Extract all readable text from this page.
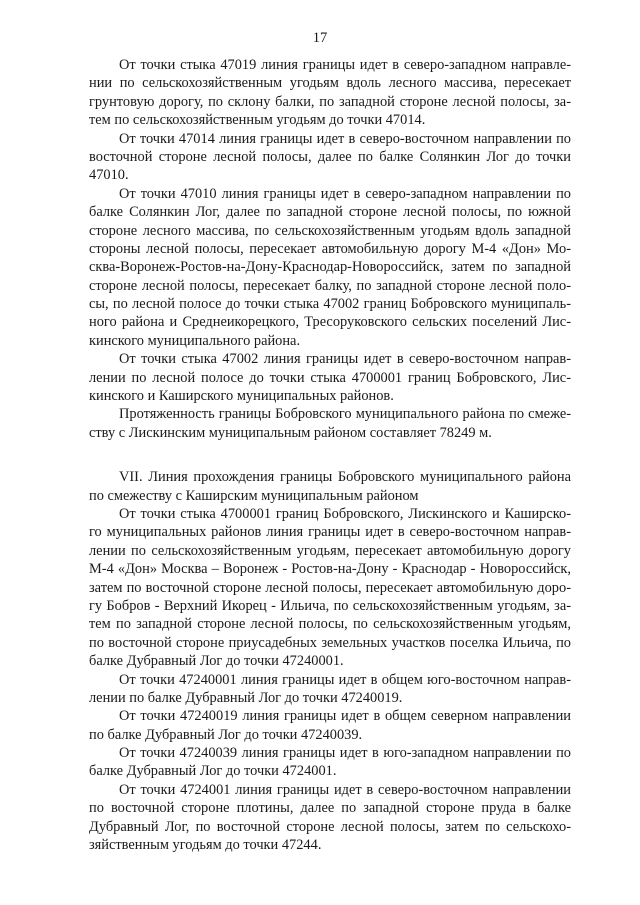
17
От точки стыка 47019 линия границы идет в северо-западном направле-
нии по сельскохозяйственным угодьям вдоль лесного массива, пересекает
грунтовую дорогу, по склону балки, по западной стороне лесной полосы, за-
тем по сельскохозяйственным угодьям до точки 47014.
От точки 47014 линия границы идет в северо-восточном направлении по
восточной стороне лесной полосы, далее по балке Солянкин Лог до точки
47010.
От точки 47010 линия границы идет в северо-западном направлении по
балке Солянкин Лог, далее по западной стороне лесной полосы, по южной
стороне лесного массива, по сельскохозяйственным угодьям вдоль западной
стороны лесной полосы, пересекает автомобильную дорогу М-4 «Дон» Мо-
сква-Воронеж-Ростов-на-Дону-Краснодар-Новороссийск, затем по западной
стороне лесной полосы, пересекает балку, по западной стороне лесной поло-
сы, по лесной полосе до точки стыка 47002 границ Бобровского муниципаль-
ного района и Среднеикорецкого, Тресоруковского сельских поселений Лис-
кинского муниципального района.
От точки стыка 47002 линия границы идет в северо-восточном направ-
лении по лесной полосе до точки стыка 4700001 границ Бобровского, Лис-
кинского и Каширского муниципальных районов.
Протяженность границы Бобровского муниципального района по смеже-
ству с Лискинским муниципальным районом составляет 78249 м.
VII. Линия прохождения границы Бобровского муниципального района
по смежеству с Каширским муниципальным районом
От точки стыка 4700001 границ Бобровского, Лискинского и Каширско-
го муниципальных районов линия границы идет в северо-восточном направ-
лении по сельскохозяйственным угодьям, пересекает автомобильную дорогу
М-4 «Дон» Москва – Воронеж - Ростов-на-Дону - Краснодар - Новороссийск,
затем по восточной стороне лесной полосы, пересекает автомобильную доро-
гу Бобров - Верхний Икорец - Ильича, по сельскохозяйственным угодьям, за-
тем по западной стороне лесной полосы, по сельскохозяйственным угодьям,
по восточной стороне приусадебных земельных участков поселка Ильича, по
балке Дубравный Лог до точки 47240001.
От точки 47240001 линия границы идет в общем юго-восточном направ-
лении по балке Дубравный Лог до точки 47240019.
От точки 47240019 линия границы идет в общем северном направлении
по балке Дубравный Лог до точки 47240039.
От точки 47240039 линия границы идет в юго-западном направлении по
балке Дубравный Лог до точки 4724001.
От точки 4724001 линия границы идет в северо-восточном направлении
по восточной стороне плотины, далее по западной стороне пруда в балке
Дубравный Лог, по восточной стороне лесной полосы, затем по сельскохо-
зяйственным угодьям до точки 47244.
